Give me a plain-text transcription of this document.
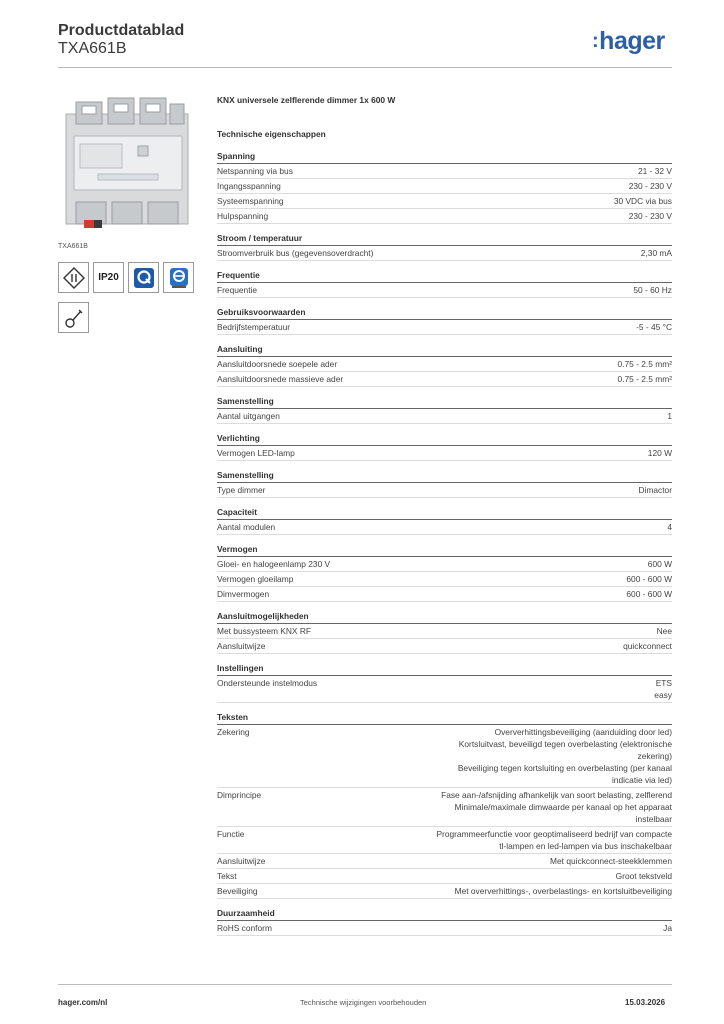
Productdatablad
TXA661B	:hager
TXA661B
IP20
KNX universele zelflerende dimmer 1x 600 W
Technische eigenschappen
Spanning
Netspanning via bus	21 - 32 V
Ingangsspanning	230 - 230 V
Systeemspanning	30 VDC via bus
Hulpspanning	230 - 230 V
Stroom / temperatuur
Stroomverbruik bus (gegevensoverdracht)	2,30 mA
Frequentie
Frequentie	50 - 60 Hz
Gebruiksvoorwaarden
Bedrijfstemperatuur	-5 - 45 °C
Aansluiting
Aansluitdoorsnede soepele ader	0.75 - 2.5 mm²
Aansluitdoorsnede massieve ader	0.75 - 2.5 mm²
Samenstelling
Aantal uitgangen	1
Verlichting
Vermogen LED-lamp	120 W
Samenstelling
Type dimmer	Dimactor
Capaciteit
Aantal modulen	4
Vermogen
Gloei- en halogeenlamp 230 V	600 W
Vermogen gloeilamp	600 - 600 W
Dimvermogen	600 - 600 W
Aansluitmogelijkheden
Met bussysteem KNX RF	Nee
Aansluitwijze	quickconnect
Instellingen
Ondersteunde instelmodus	ETS
easy
Teksten
Zekering	Oververhittingsbeveiliging (aanduiding door led)
Kortsluitvast, beveiligd tegen overbelasting (elektronische
zekering)
Beveiliging tegen kortsluiting en overbelasting (per kanaal
indicatie via led)
Dimprincipe	Fase aan-/afsnijding afhankelijk van soort belasting, zelflerend
Minimale/maximale dimwaarde per kanaal op het apparaat
instelbaar
Functie	Programmeerfunctie voor geoptimaliseerd bedrijf van compacte
tl-lampen en led-lampen via bus inschakelbaar
Aansluitwijze	Met quickconnect-steekklemmen
Tekst	Groot tekstveld
Beveiliging	Met oververhittings-, overbelastings- en kortsluitbeveiliging
Duurzaamheid
RoHS conform	Ja
hager.com/nl	Technische wijzigingen voorbehouden	15.03.2026
